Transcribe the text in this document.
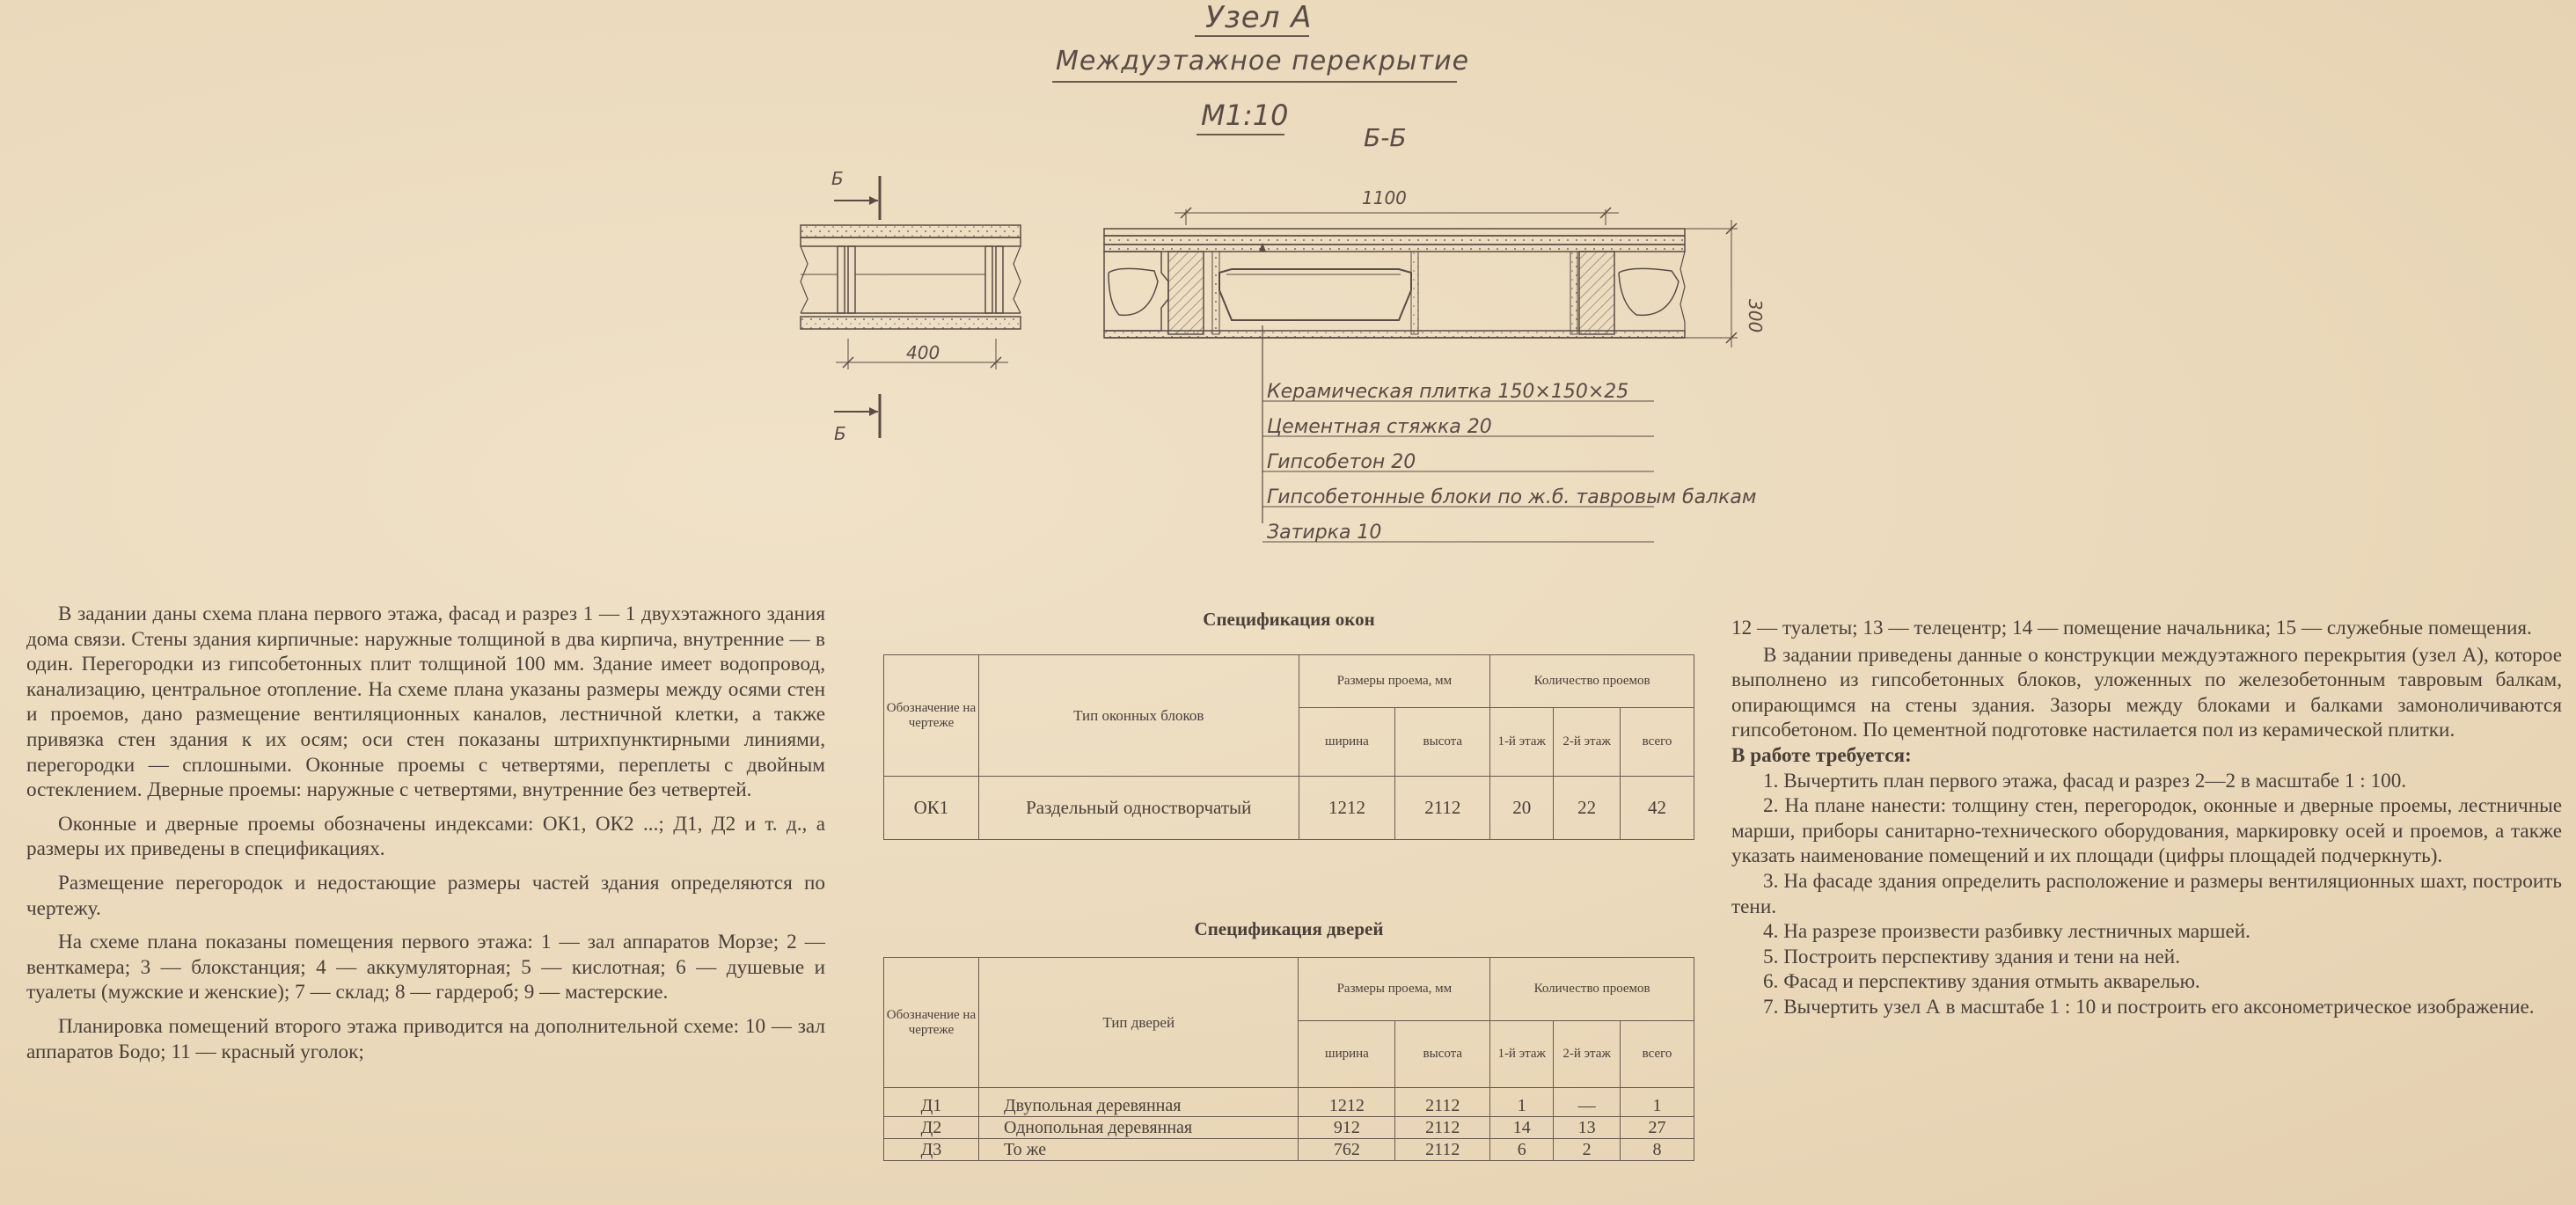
Узел А
Междуэтажное перекрытие
М1:10
Б-Б
Б
Б
400
1100
300
Керамическая плитка 150×150×25
Цементная стяжка 20
Гипсобетон 20
Гипсобетонные блоки по ж.б. тавровым балкам
Затирка 10

В задании даны схема плана первого этажа, фасад и разрез 1 — 1 двухэтажного здания дома связи. Стены здания кирпичные: наружные толщиной в два кирпича, внутренние — в один. Перегородки из гипсобетонных плит толщиной 100 мм. Здание имеет водопровод, канализацию, центральное отопление. На схеме плана указаны размеры между осями стен и проемов, дано размещение вентиляционных каналов, лестничной клетки, а также привязка стен здания к их осям; оси стен показаны штрихпунктирными линиями, перегородки — сплошными. Оконные проемы с четвертями, переплеты с двойным остеклением. Дверные проемы: наружные с четвертями, внутренние без четвертей.

Оконные и дверные проемы обозначены индексами: ОК1, ОК2 ...; Д1, Д2 и т. д., а размеры их приведены в спецификациях.

Размещение перегородок и недостающие размеры частей здания определяются по чертежу.

На схеме плана показаны помещения первого этажа: 1 — зал аппаратов Морзе; 2 — венткамера; 3 — блокстанция; 4 — аккумуляторная; 5 — кислотная; 6 — душевые и туалеты (мужские и женские); 7 — склад; 8 — гардероб; 9 — мастерские.

Планировка помещений второго этажа приводится на дополнительной схеме: 10 — зал аппаратов Бодо; 11 — красный уголок;

Спецификация окон
Обозначение на чертеже	Тип оконных блоков	Размеры проема, мм		Количество проемов		
		ширина	высота	1-й этаж	2-й этаж	всего
ОК1	Раздельный одностворчатый	1212	2112	20	22	42
Спецификация дверей
Обозначение на чертеже	Тип дверей	Размеры проема, мм		Количество проемов		
		ширина	высота	1-й этаж	2-й этаж	всего
Д1	Двупольная деревянная	1212	2112	1	—	1
Д2	Однопольная деревянная	912	2112	14	13	27
Д3	То же	762	2112	6	2	8

12 — туалеты; 13 — телецентр; 14 — помещение начальника; 15 — служебные помещения.

В задании приведены данные о конструкции междуэтажного перекрытия (узел А), которое выполнено из гипсобетонных блоков, уложенных по железобетонным тавровым балкам, опирающимся на стены здания. Зазоры между блоками и балками замоноличиваются гипсобетоном. По цементной подготовке настилается пол из керамической плитки.

В работе требуется:

1. Вычертить план первого этажа, фасад и разрез 2—2 в масштабе 1 : 100.

2. На плане нанести: толщину стен, перегородок, оконные и дверные проемы, лестничные марши, приборы санитарно-технического оборудования, маркировку осей и проемов, а также указать наименование помещений и их площади (цифры площадей подчеркнуть).

3. На фасаде здания определить расположение и размеры вентиляционных шахт, построить тени.

4. На разрезе произвести разбивку лестничных маршей.

5. Построить перспективу здания и тени на ней.

6. Фасад и перспективу здания отмыть акварелью.

7. Вычертить узел А в масштабе 1 : 10 и построить его аксонометрическое изображение.
